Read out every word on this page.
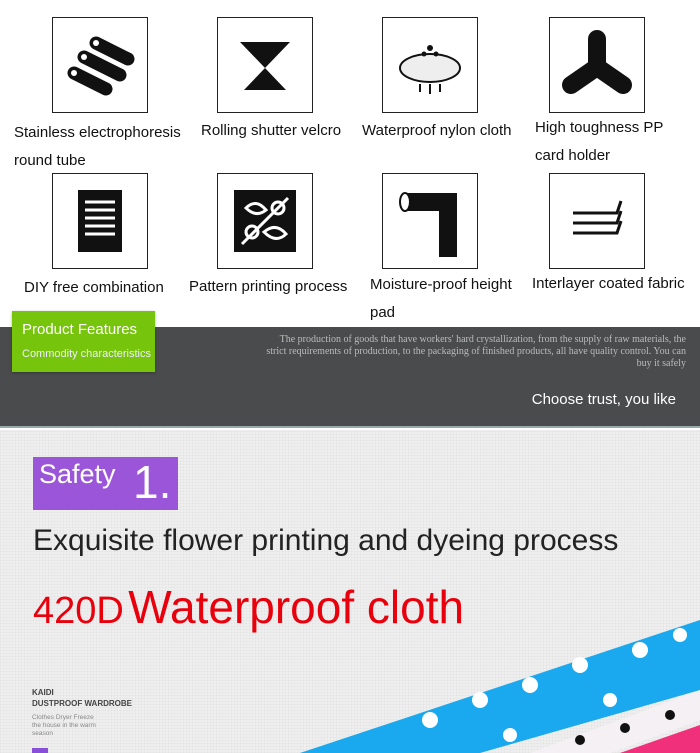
Stainless electrophoresis round tube
Rolling shutter velcro Waterproof nylon cloth High toughness PP card holder
DIY free combination Pattern printing process Moisture-proof height pad
Interlayer coated fabric
The production of goods that have workers' hard crystallization, from the supply of raw materials, the strict requirements of production, to the packaging of finished products, all have quality control. You can buy it safely
Choose trust, you like
Product Features
Commodity characteristics
Safety 1.
Exquisite flower printing and dyeing process
420D Waterproof cloth
KAIDI
DUSTPROOF WARDROBE
Clothes Dryer Freeze the house in the warm season
